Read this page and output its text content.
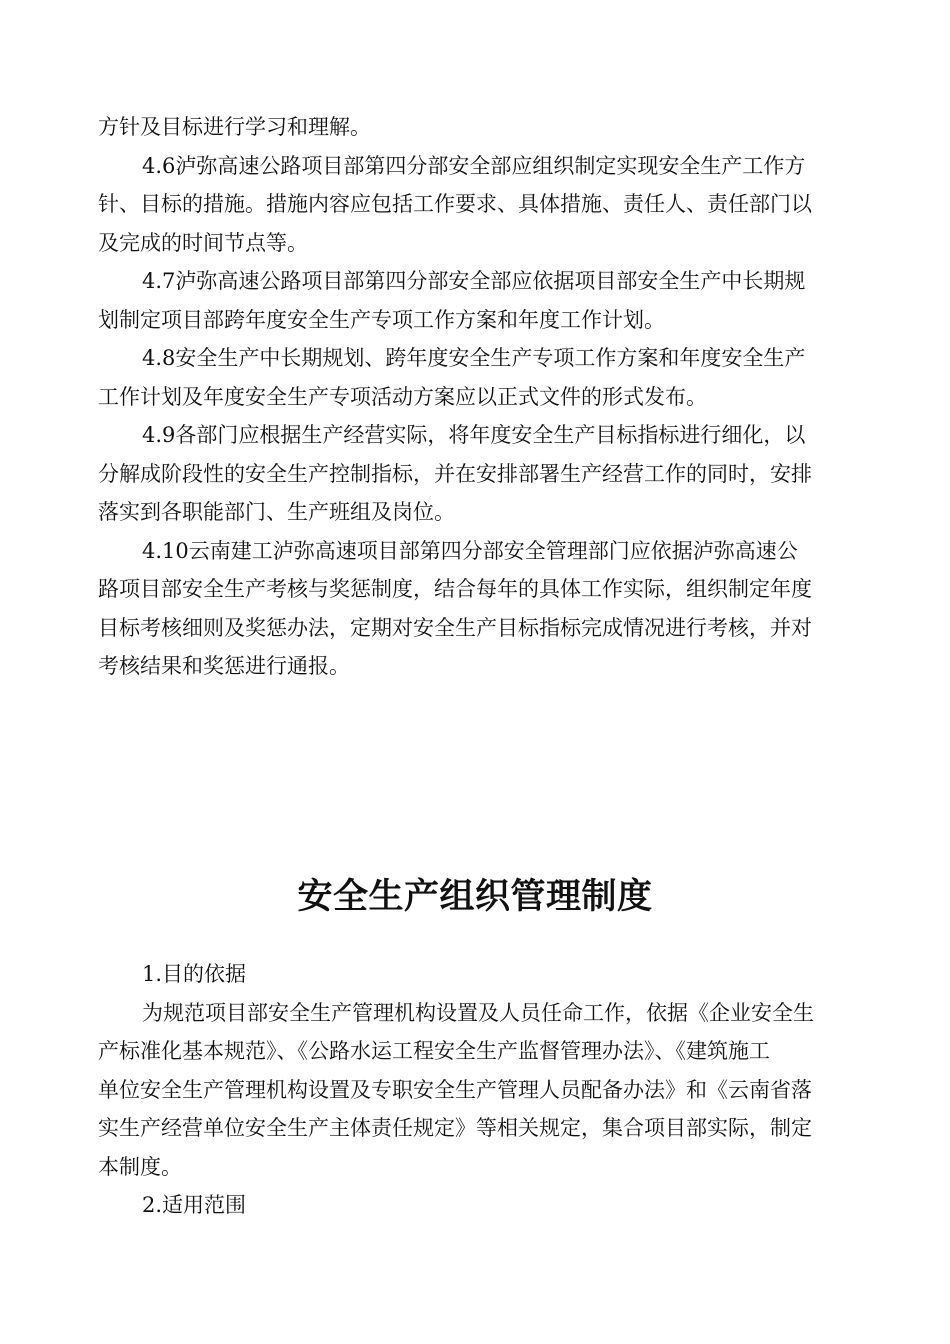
方针及目标进行学习和理解。

4.6泸弥高速公路项目部第四分部安全部应组织制定实现安全生产工作方
针、目标的措施。措施内容应包括工作要求、具体措施、责任人、责任部门以
及完成的时间节点等。

4.7泸弥高速公路项目部第四分部安全部应依据项目部安全生产中长期规
划制定项目部跨年度安全生产专项工作方案和年度工作计划。

4.8安全生产中长期规划、跨年度安全生产专项工作方案和年度安全生产
工作计划及年度安全生产专项活动方案应以正式文件的形式发布。

4.9各部门应根据生产经营实际，将年度安全生产目标指标进行细化，以
分解成阶段性的安全生产控制指标，并在安排部署生产经营工作的同时，安排
落实到各职能部门、生产班组及岗位。

4.10云南建工泸弥高速项目部第四分部安全管理部门应依据泸弥高速公
路项目部安全生产考核与奖惩制度，结合每年的具体工作实际，组织制定年度
目标考核细则及奖惩办法，定期对安全生产目标指标完成情况进行考核，并对
考核结果和奖惩进行通报。

安全生产组织管理制度

1.目的依据

为规范项目部安全生产管理机构设置及人员任命工作，依据《企业安全生
产标准化基本规范》、《公路水运工程安全生产监督管理办法》、《建筑施工
单位安全生产管理机构设置及专职安全生产管理人员配备办法》和《云南省落
实生产经营单位安全生产主体责任规定》等相关规定，集合项目部实际，制定
本制度。

2.适用范围
